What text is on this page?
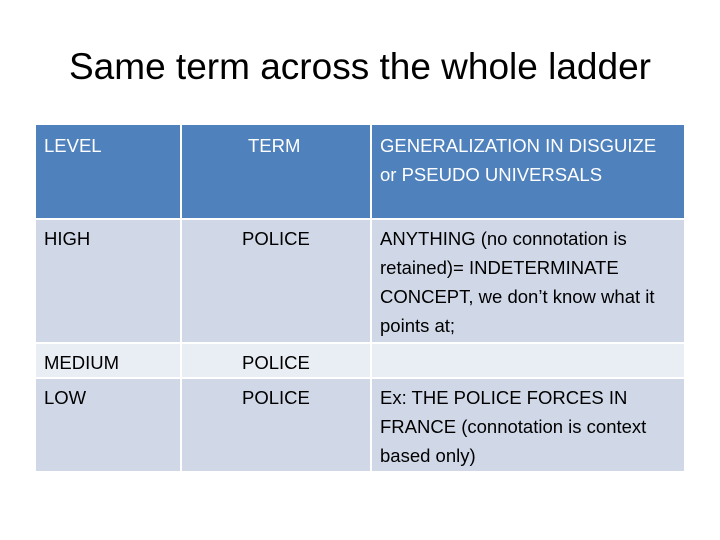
Same term across the whole ladder
LEVEL	TERM	GENERALIZATION IN DISGUIZE or PSEUDO UNIVERSALS
HIGH	POLICE	ANYTHING (no connotation is retained)= INDETERMINATE CONCEPT, we don’t know what it points at;
MEDIUM	POLICE	
LOW	POLICE	Ex: THE POLICE FORCES IN FRANCE (connotation is context based only)
